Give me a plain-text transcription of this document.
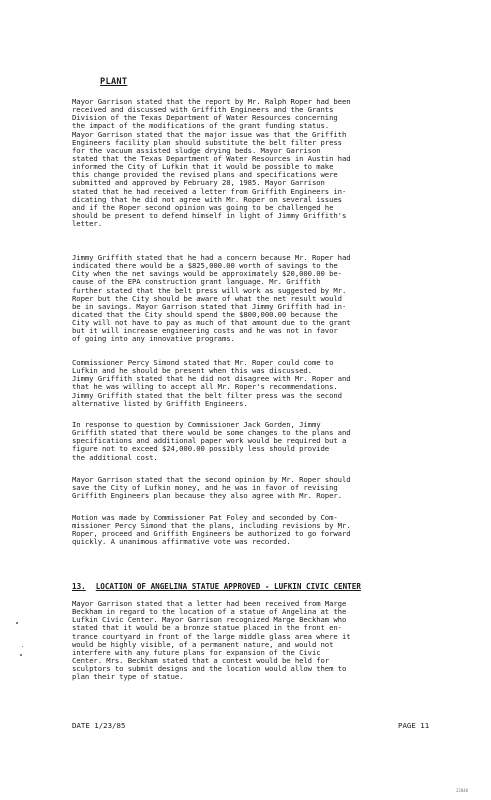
PLANT
Mayor Garrison stated that the report by Mr. Ralph Roper had been
received and discussed with Griffith Engineers and the Grants
Division of the Texas Department of Water Resources concerning
the impact of the modifications of the grant funding status.
Mayor Garrison stated that the major issue was that the Griffith
Engineers facility plan should substitute the belt filter press
for the vacuum assisted sludge drying beds. Mayor Garrison
stated that the Texas Department of Water Resources in Austin had
informed the City of Lufkin that it would be possible to make
this change provided the revised plans and specifications were
submitted and approved by February 28, 1985. Mayor Garrison
stated that he had received a letter from Griffith Engineers in-
dicating that he did not agree with Mr. Roper on several issues
and if the Roper second opinion was going to be challenged he
should be present to defend himself in light of Jimmy Griffith's
letter.
Jimmy Griffith stated that he had a concern because Mr. Roper had
indicated there would be a $825,000.00 worth of savings to the
City when the net savings would be approximately $20,000.00 be-
cause of the EPA construction grant language. Mr. Griffith
further stated that the belt press will work as suggested by Mr.
Roper but the City should be aware of what the net result would
be in savings. Mayor Garrison stated that Jimmy Griffith had in-
dicated that the City should spend the $800,000.00 because the
City will not have to pay as much of that amount due to the grant
but it will increase engineering costs and he was not in favor
of going into any innovative programs.
Commissioner Percy Simond stated that Mr. Roper could come to
Lufkin and he should be present when this was discussed.
Jimmy Griffith stated that he did not disagree with Mr. Roper and
that he was willing to accept all Mr. Roper's recommendations.
Jimmy Griffith stated that the belt filter press was the second
alternative listed by Griffith Engineers.
In response to question by Commissioner Jack Gorden, Jimmy
Griffith stated that there would be some changes to the plans and
specifications and additional paper work would be required but a
figure not to exceed $24,000.00 possibly less should provide
the additional cost.
Mayor Garrison stated that the second opinion by Mr. Roper should
save the City of Lufkin money, and he was in favor of revising
Griffith Engineers plan because they also agree with Mr. Roper.
Motion was made by Commissioner Pat Foley and seconded by Com-
missioner Percy Simond that the plans, including revisions by Mr.
Roper, proceed and Griffith Engineers be authorized to go forward
quickly. A unanimous affirmative vote was recorded.
13. LOCATION OF ANGELINA STATUE APPROVED - LUFKIN CIVIC CENTER
Mayor Garrison stated that a letter had been received from Marge
Beckham in regard to the location of a statue of Angelina at the
Lufkin Civic Center. Mayor Garrison recognized Marge Beckham who
stated that it would be a bronze statue placed in the front en-
trance courtyard in front of the large middle glass area where it
would be highly visible, of a permanent nature, and would not
interfere with any future plans for expansion of the Civic
Center. Mrs. Beckham stated that a contest would be held for
sculptors to submit designs and the location would allow them to
plan their type of statue.
DATE 1/23/85	PAGE 11
22040
